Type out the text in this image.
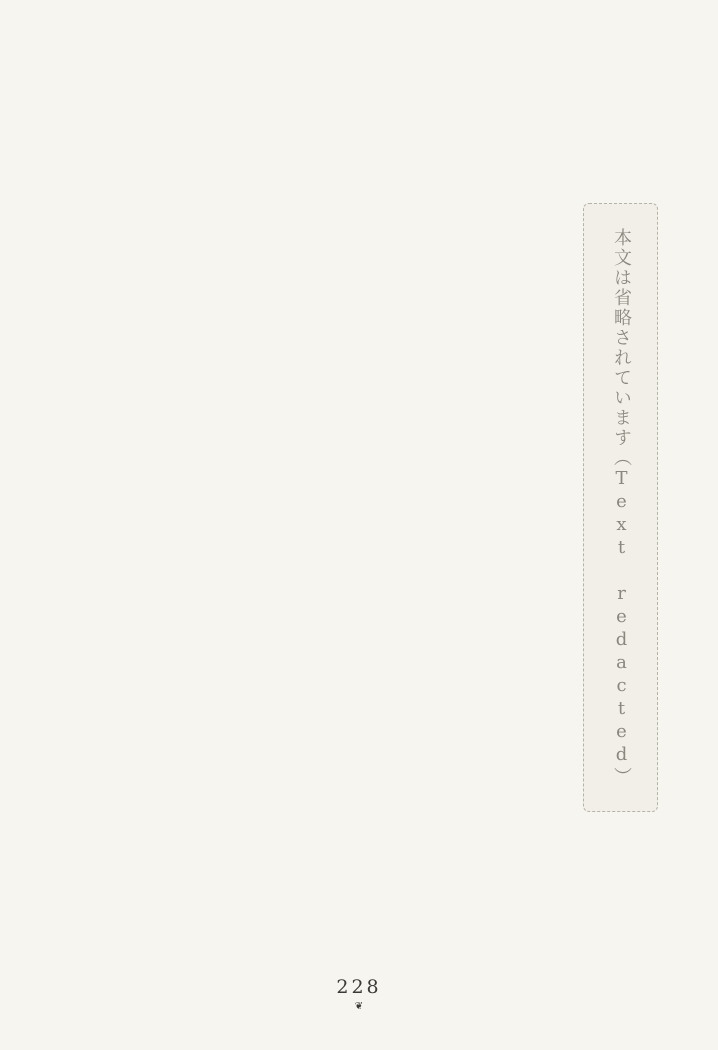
本文は省略されています（Text redacted）
228
❦
